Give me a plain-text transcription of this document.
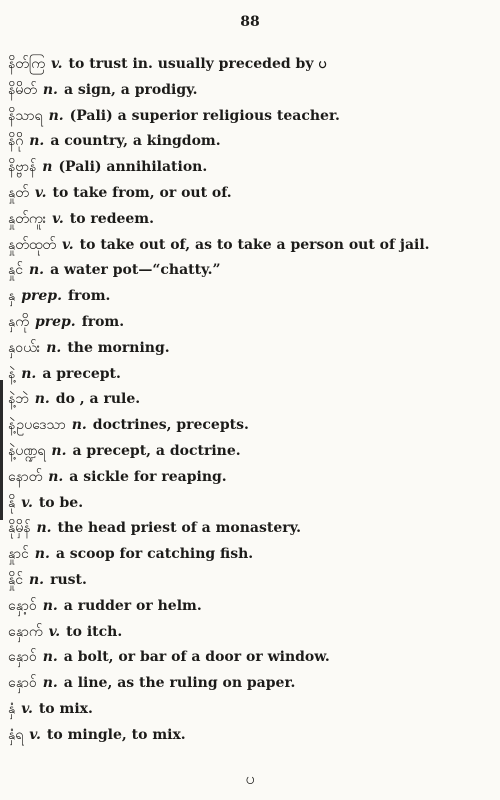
88
နိတ်ကြ v. to trust in. usually preceded by ပ
နိမိတ် n. a sign, a prodigy.
နိသာရ n. (Pali) a superior religious teacher.
နိဂို n. a country, a kingdom.
နိဗ္ဗာန် n (Pali) annihilation.
နှုတ် v. to take from, or out of.
နှုတ်ကူး v. to redeem.
နှုတ်ထုတ် v. to take out of, as to take a person out of jail.
နှုင် n. a water pot—“chatty.”
နှ prep. from.
နှကို prep. from.
နှဝယ်း n. the morning.
နဲ့ n. a precept.
နဲ့ဘဲ n. do , a rule.
နဲ့ဥပဒေသာ n. doctrines, precepts.
နဲ့ပဏ္ဍရ n. a precept, a doctrine.
နောတ် n. a sickle for reaping.
နို v. to be.
နိုမှိန် n. the head priest of a monastery.
နှုာင် n. a scoop for catching fish.
နှိုင် n. rust.
နှော့ဝ် n. a rudder or helm.
နှောက် v. to itch.
နှောဝ် n. a bolt, or bar of a door or window.
နှောဝ် n. a line, as the ruling on paper.
နှံ v. to mix.
နှံရ v. to mingle, to mix.
ပ
